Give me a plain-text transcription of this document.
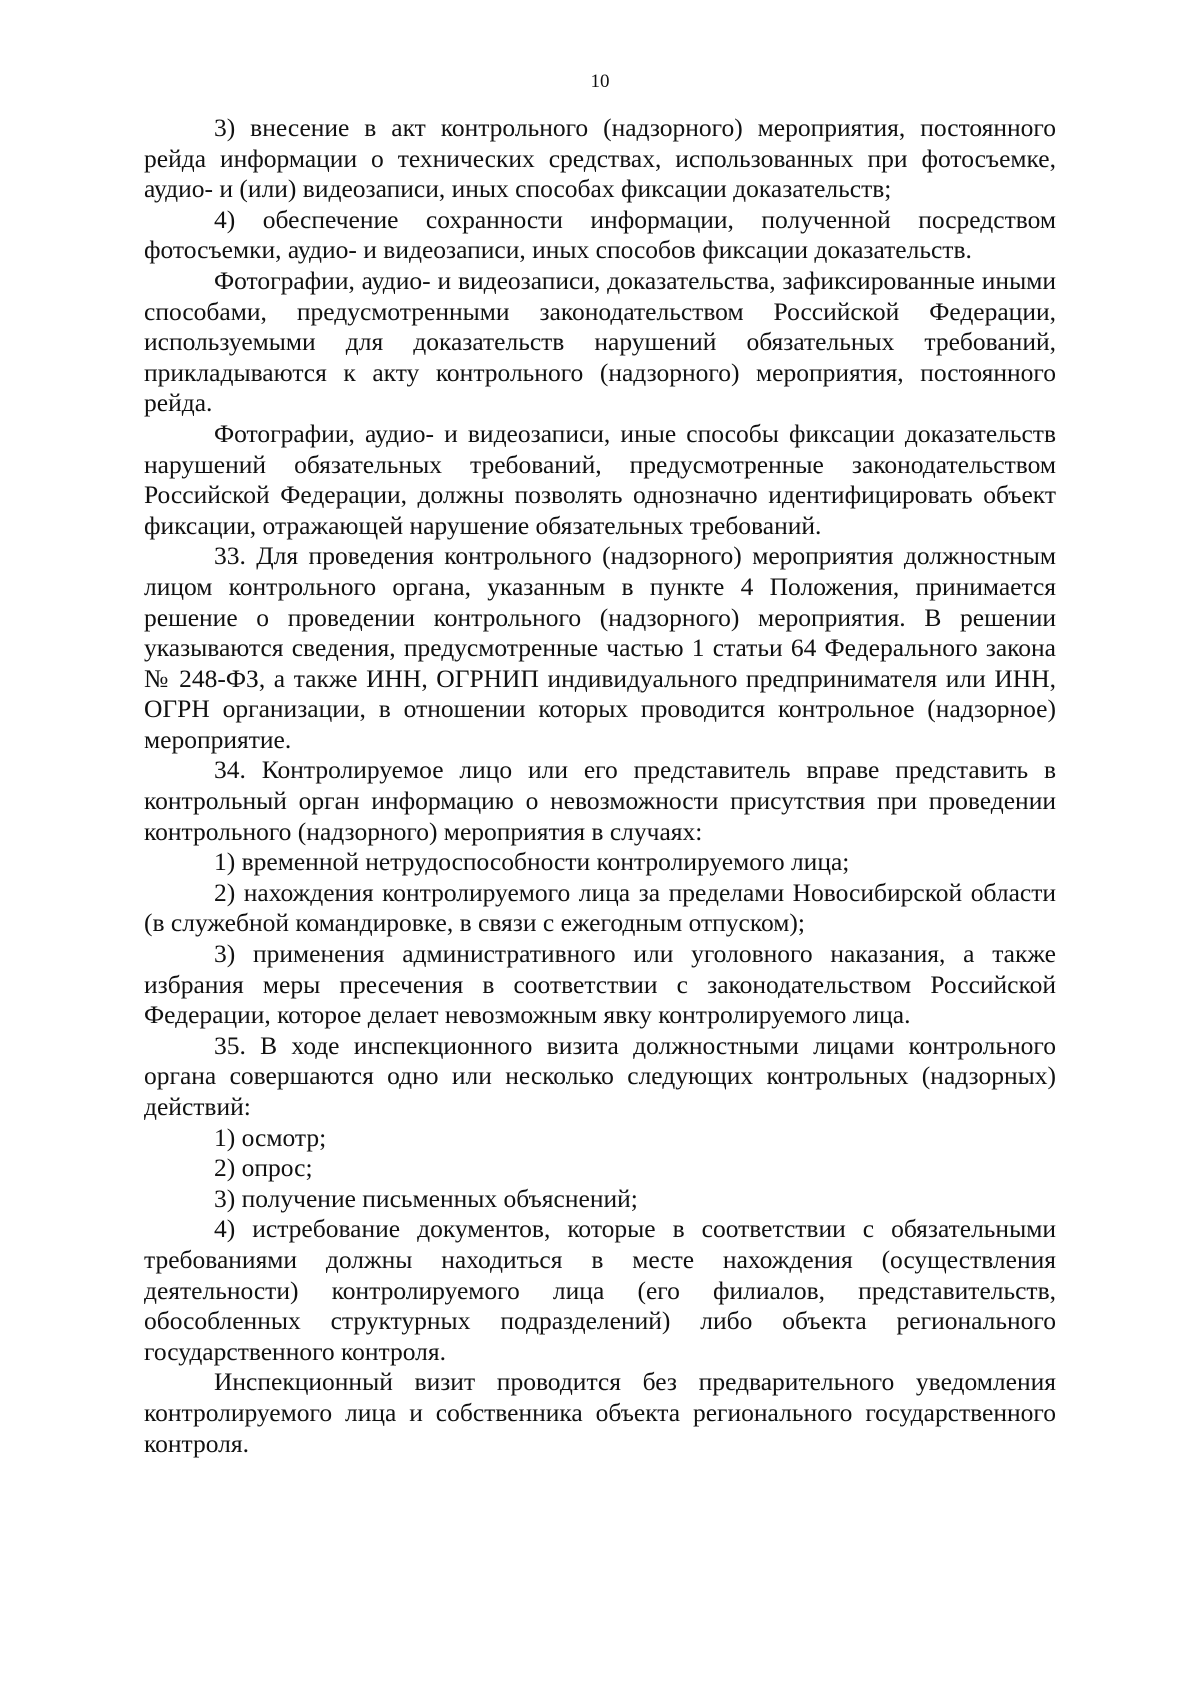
10

3) внесение в акт контрольного (надзорного) мероприятия, постоянного рейда информации о технических средствах, использованных при фотосъемке, аудио- и (или) видеозаписи, иных способах фиксации доказательств;

4) обеспечение сохранности информации, полученной посредством фотосъемки, аудио- и видеозаписи, иных способов фиксации доказательств.

Фотографии, аудио- и видеозаписи, доказательства, зафиксированные иными способами, предусмотренными законодательством Российской Федерации, используемыми для доказательств нарушений обязательных требований, прикладываются к акту контрольного (надзорного) мероприятия, постоянного рейда.

Фотографии, аудио- и видеозаписи, иные способы фиксации доказательств нарушений обязательных требований, предусмотренные законодательством Российской Федерации, должны позволять однозначно идентифицировать объект фиксации, отражающей нарушение обязательных требований.

33. Для проведения контрольного (надзорного) мероприятия должностным лицом контрольного органа, указанным в пункте 4 Положения, принимается решение о проведении контрольного (надзорного) мероприятия. В решении указываются сведения, предусмотренные частью 1 статьи 64 Федерального закона № 248-ФЗ, а также ИНН, ОГРНИП индивидуального предпринимателя или ИНН, ОГРН организации, в отношении которых проводится контрольное (надзорное) мероприятие.

34. Контролируемое лицо или его представитель вправе представить в контрольный орган информацию о невозможности присутствия при проведении контрольного (надзорного) мероприятия в случаях:

1) временной нетрудоспособности контролируемого лица;

2) нахождения контролируемого лица за пределами Новосибирской области (в служебной командировке, в связи с ежегодным отпуском);

3) применения административного или уголовного наказания, а также избрания меры пресечения в соответствии с законодательством Российской Федерации, которое делает невозможным явку контролируемого лица.

35. В ходе инспекционного визита должностными лицами контрольного органа совершаются одно или несколько следующих контрольных (надзорных) действий:

1) осмотр;

2) опрос;

3) получение письменных объяснений;

4) истребование документов, которые в соответствии с обязательными требованиями должны находиться в месте нахождения (осуществления деятельности) контролируемого лица (его филиалов, представительств, обособленных структурных подразделений) либо объекта регионального государственного контроля.

Инспекционный визит проводится без предварительного уведомления контролируемого лица и собственника объекта регионального государственного контроля.
